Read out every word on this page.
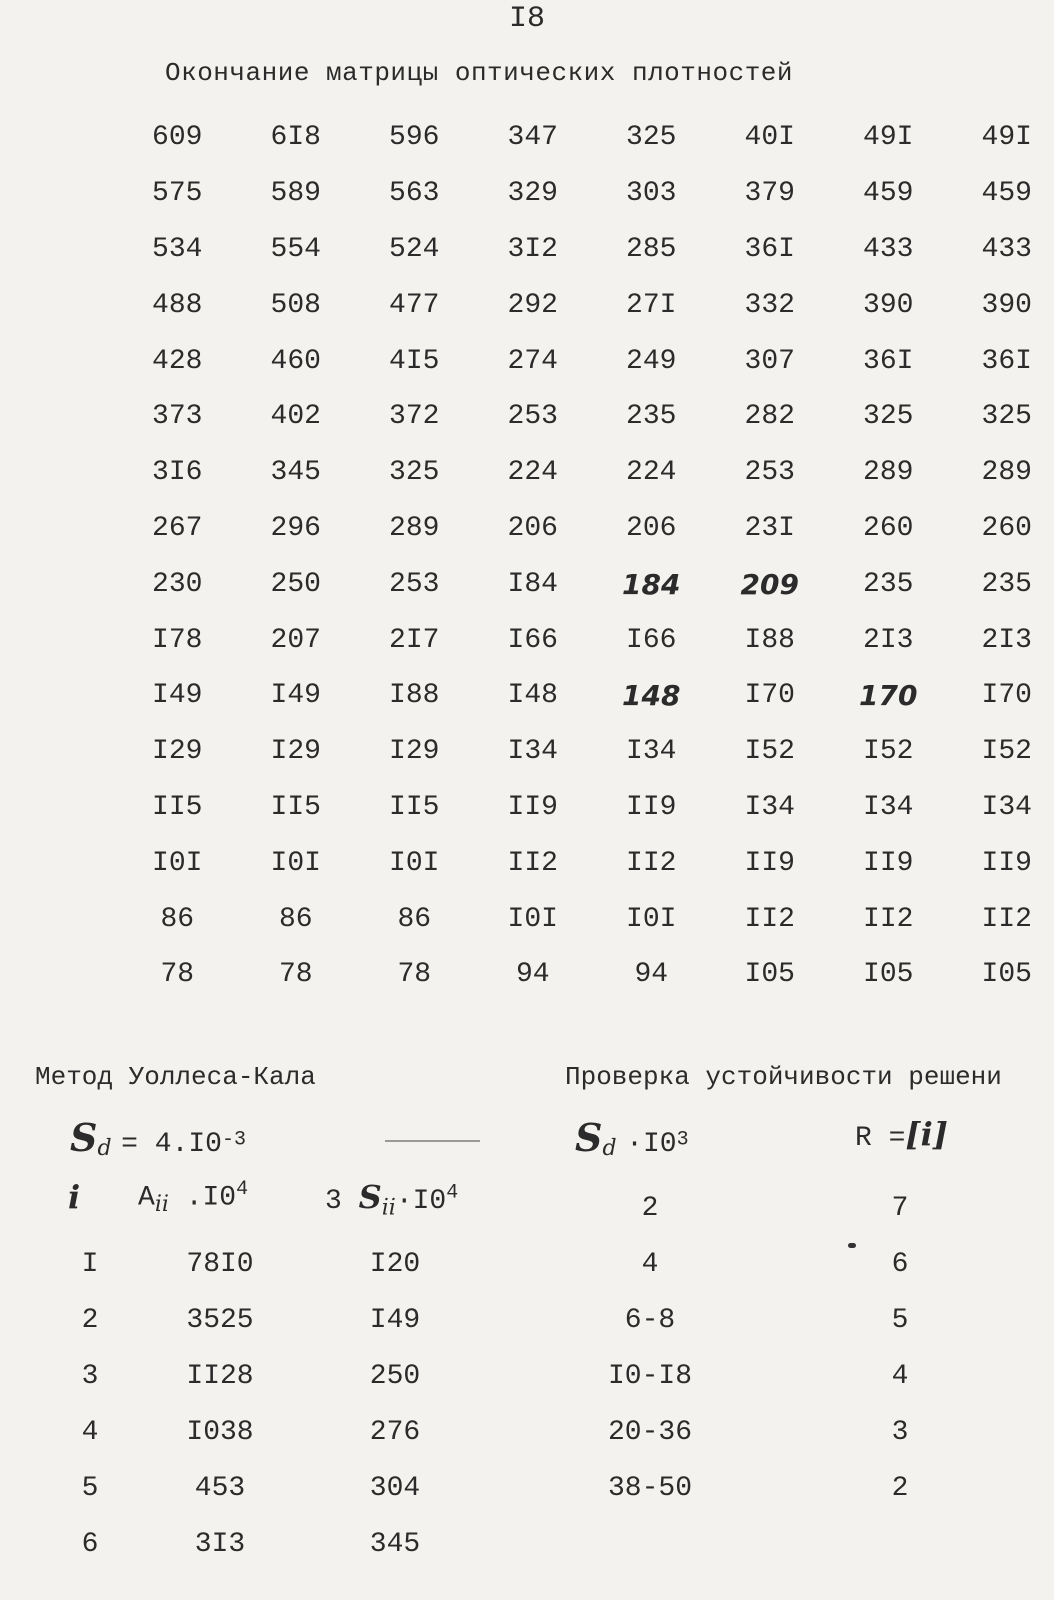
I8
Окончание матрицы оптических плотностей
609	6I8	596	347	325	40I	49I	49I
575	589	563	329	303	379	459	459
534	554	524	3I2	285	36I	433	433
488	508	477	292	27I	332	390	390
428	460	4I5	274	249	307	36I	36I
373	402	372	253	235	282	325	325
3I6	345	325	224	224	253	289	289
267	296	289	206	206	23I	260	260
230	250	253	I84	184	209	235	235
I78	207	2I7	I66	I66	I88	2I3	2I3
I49	I49	I88	I48	148	I70	170	I70
I29	I29	I29	I34	I34	I52	I52	I52
II5	II5	II5	II9	II9	I34	I34	I34
I0I	I0I	I0I	II2	II2	II9	II9	II9
86	86	86	I0I	I0I	II2	II2	II2
78	78	78	94	94	I05	I05	I05
Метод Уоллеса-Кала	Проверка устойчивости решени
Sd = 4.I0-3	Sd ·I03	R =[i]
i $A_{ii}$ $.I0^4$	3 $S_{ii}\cdot I0^4$
I	78I0	I20
2	3525	I49
3	II28	250
4	I038	276
5	453	304
6	3I3	345
2	7
4	6
6-8	5
I0-I8	4
20-36	3
38-50	2
